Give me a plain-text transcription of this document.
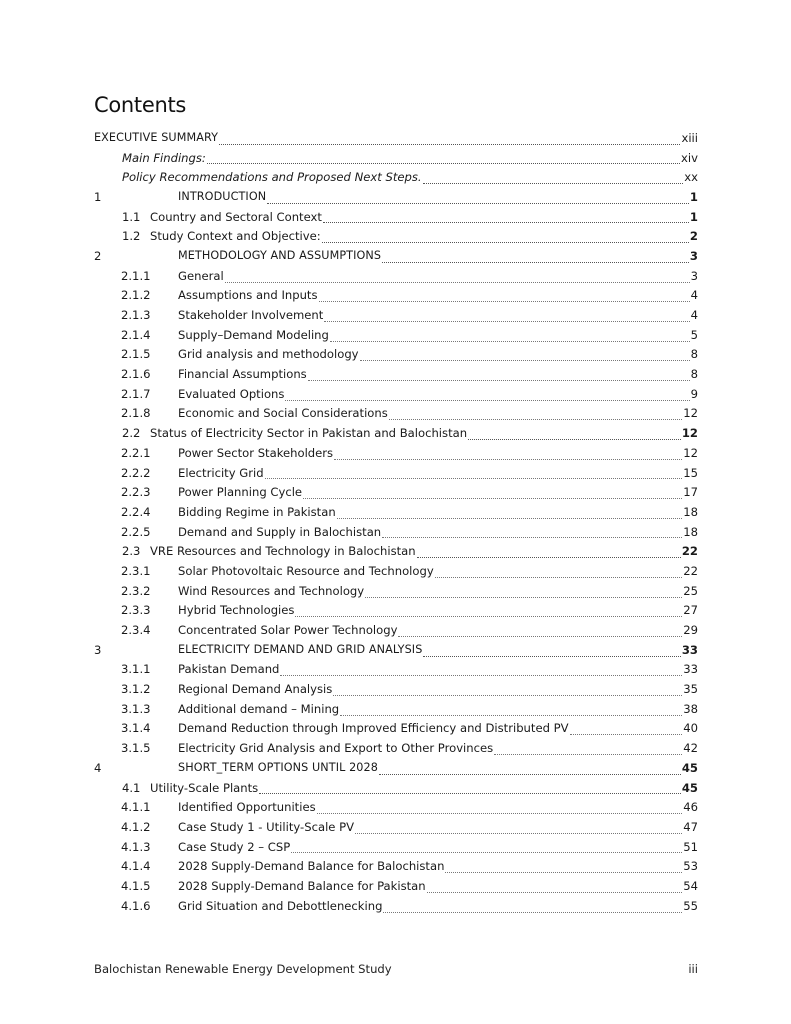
Contents
EXECUTIVE SUMMARY	xiii
Main Findings:	xiv
Policy Recommendations and Proposed Next Steps.	xx
1	INTRODUCTION	1
1.1 Country and Sectoral Context	1
1.2 Study Context and Objective:	2
2	METHODOLOGY AND ASSUMPTIONS	3
2.1.1	General	3
2.1.2	Assumptions and Inputs	4
2.1.3	Stakeholder Involvement	4
2.1.4	Supply–Demand Modeling	5
2.1.5	Grid analysis and methodology	8
2.1.6	Financial Assumptions	8
2.1.7	Evaluated Options	9
2.1.8	Economic and Social Considerations	12
2.2 Status of Electricity Sector in Pakistan and Balochistan	12
2.2.1	Power Sector Stakeholders	12
2.2.2	Electricity Grid	15
2.2.3	Power Planning Cycle	17
2.2.4	Bidding Regime in Pakistan	18
2.2.5	Demand and Supply in Balochistan	18
2.3 VRE Resources and Technology in Balochistan	22
2.3.1	Solar Photovoltaic Resource and Technology	22
2.3.2	Wind Resources and Technology	25
2.3.3	Hybrid Technologies	27
2.3.4	Concentrated Solar Power Technology	29
3	ELECTRICITY DEMAND AND GRID ANALYSIS	33
3.1.1	Pakistan Demand	33
3.1.2	Regional Demand Analysis	35
3.1.3	Additional demand – Mining	38
3.1.4	Demand Reduction through Improved Efficiency and Distributed PV	40
3.1.5	Electricity Grid Analysis and Export to Other Provinces	42
4	SHORT_TERM OPTIONS UNTIL 2028	45
4.1 Utility-Scale Plants	45
4.1.1	Identified Opportunities	46
4.1.2	Case Study 1 - Utility-Scale PV	47
4.1.3	Case Study 2 – CSP	51
4.1.4	2028 Supply-Demand Balance for Balochistan	53
4.1.5	2028 Supply-Demand Balance for Pakistan	54
4.1.6	Grid Situation and Debottlenecking	55
Balochistan Renewable Energy Development Study	iii
